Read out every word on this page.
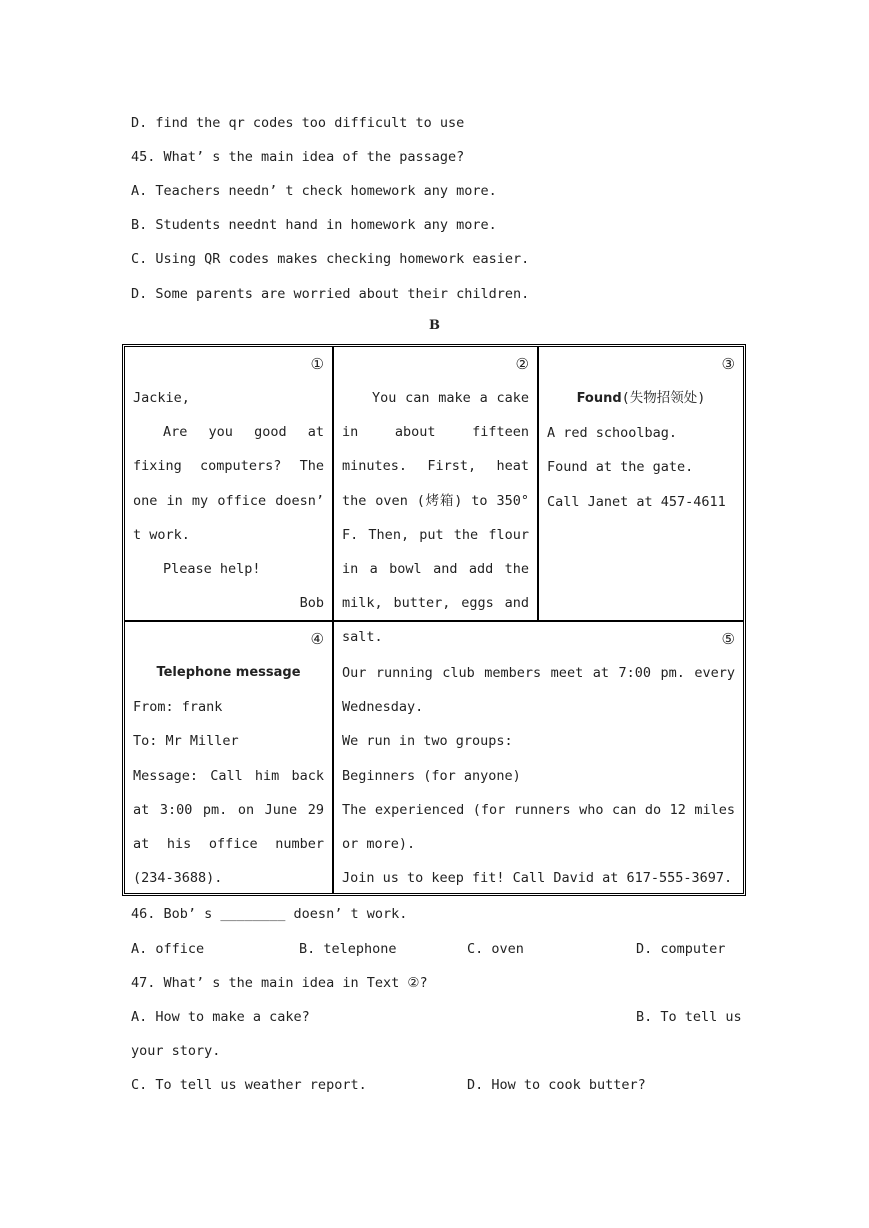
D. find the qr codes too difficult to use
45. What’ s the main idea of the passage?
A. Teachers needn’ t check homework any more.
B. Students neednt hand in homework any more.
C. Using QR codes makes checking homework easier.
D. Some parents are worried about their children.
B
①
Jackie,
Are you good at fixing computers? The one in my office doesn’ t work.
Please help!
Bob
②
You can make a cake in about fifteen minutes. First, heat the oven (烤箱) to 350° F. Then, put the flour in a bowl and add the milk, butter, eggs and salt.
③
Found(失物招领处)
A red schoolbag.
Found at the gate.
Call Janet at 457-4611
④
Telephone message
From: frank
To: Mr Miller
Message: Call him back at 3:00 pm. on June 29 at his office number (234-3688).
⑤
Our running club members meet at 7:00 pm. every Wednesday.
We run in two groups:
Beginners (for anyone)
The experienced (for runners who can do 12 miles or more).
Join us to keep fit! Call David at 617-555-3697.
46. Bob’ s ________ doesn’ t work.
A. office	B. telephone	C. oven	D. computer
47. What’ s the main idea in Text ②?
A. How to make a cake?	B. To tell us
your story.
C. To tell us weather report.	D. How to cook butter?
